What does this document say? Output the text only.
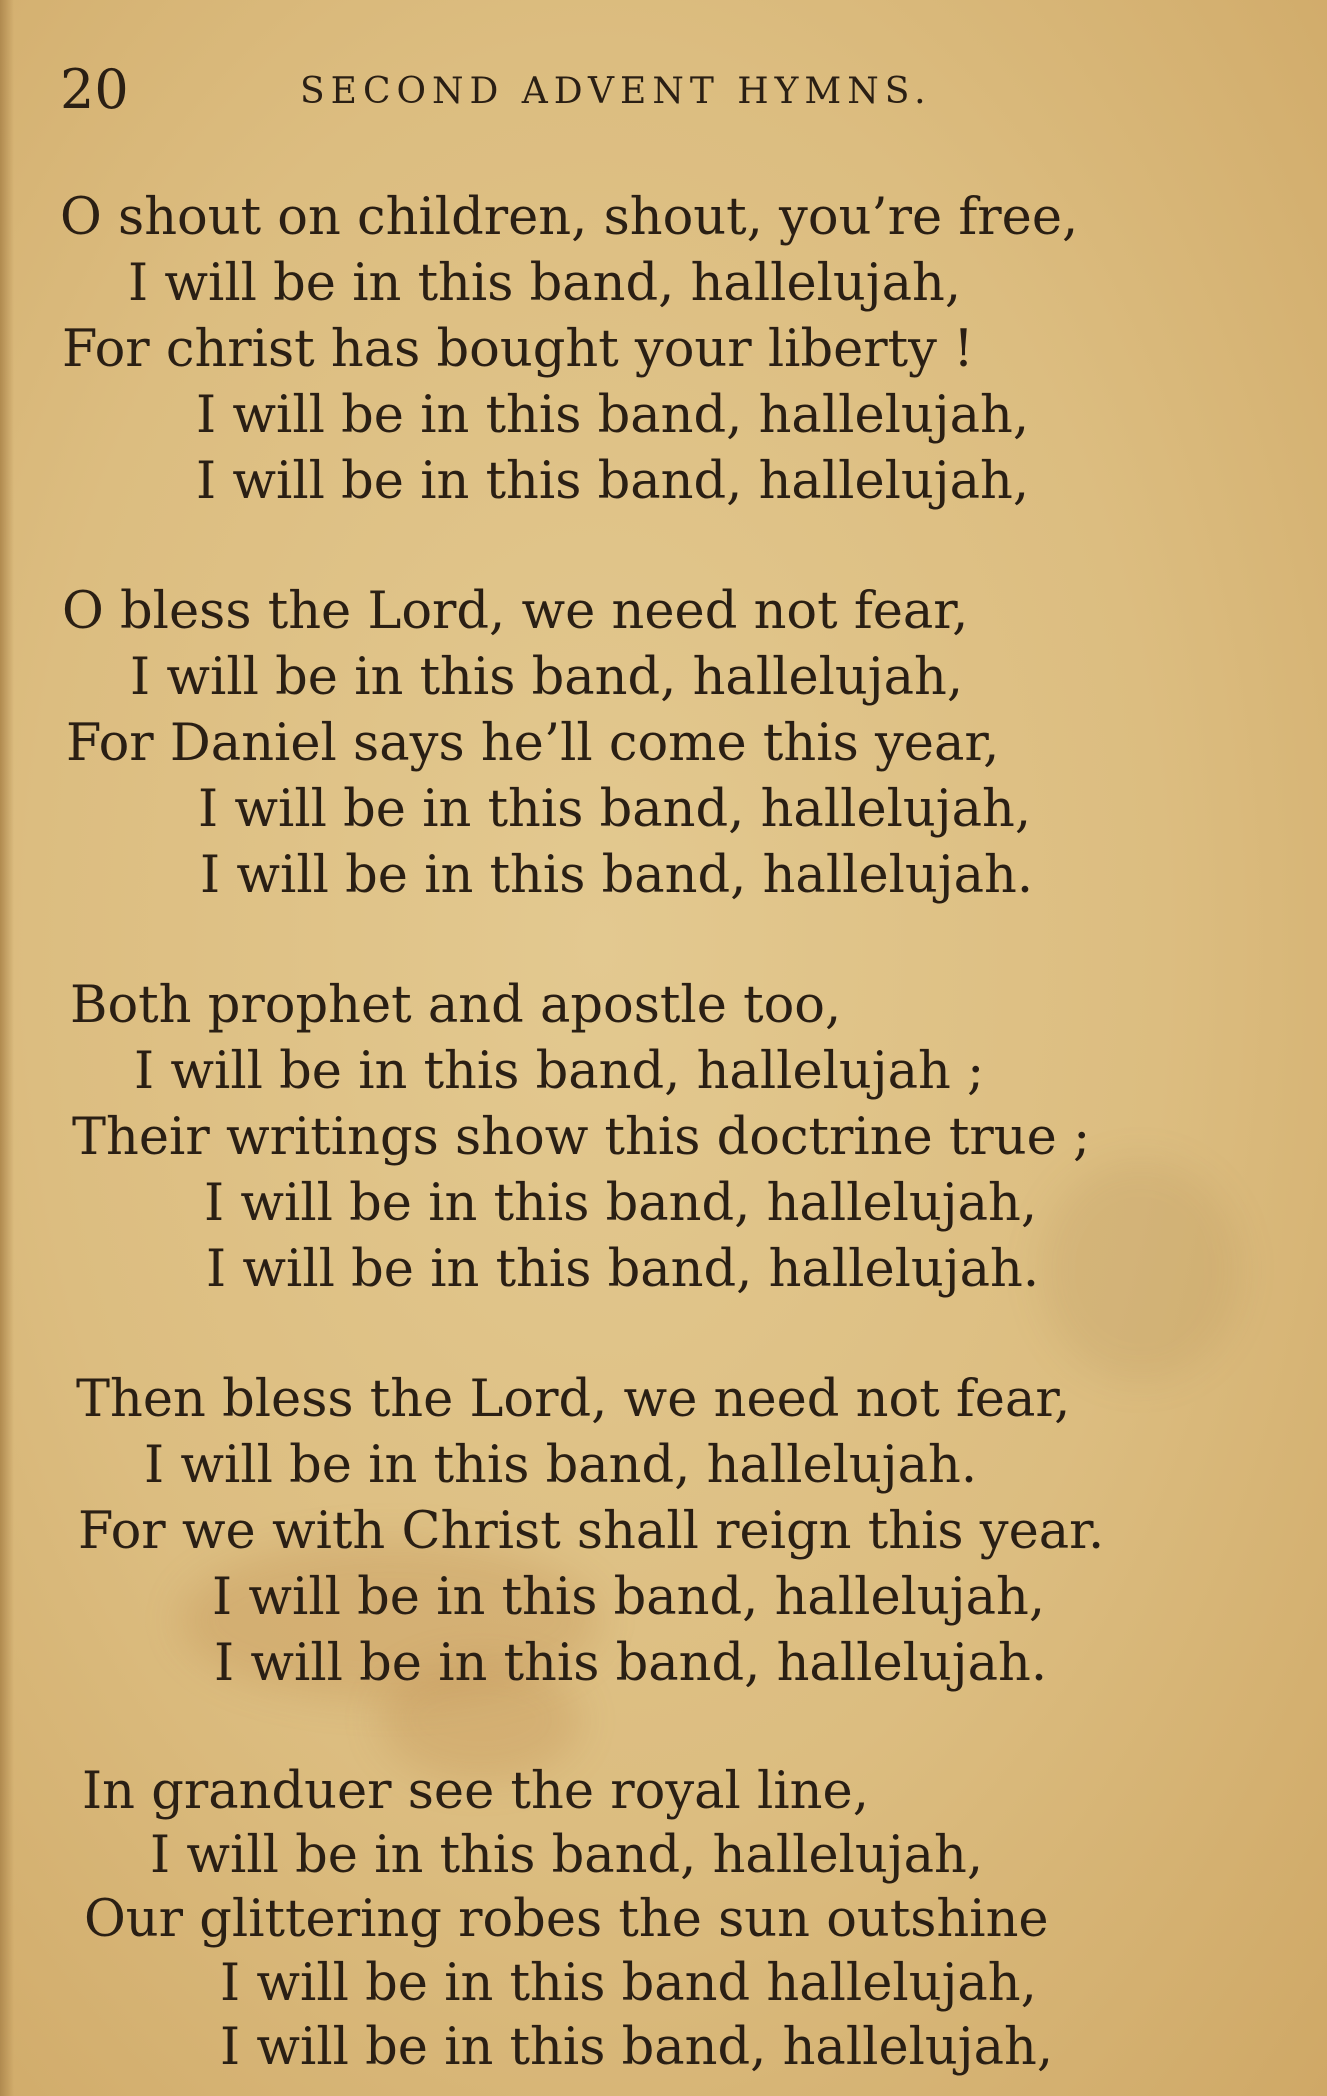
20	SECOND ADVENT HYMNS.
O shout on children, shout, you’re free,
I will be in this band, hallelujah,
For christ has bought your liberty !
I will be in this band, hallelujah,
I will be in this band, hallelujah,
O bless the Lord, we need not fear,
I will be in this band, hallelujah,
For Daniel says he’ll come this year,
I will be in this band, hallelujah,
I will be in this band, hallelujah.
Both prophet and apostle too,
I will be in this band, hallelujah ;
Their writings show this doctrine true ;
I will be in this band, hallelujah,
I will be in this band, hallelujah.
Then bless the Lord, we need not fear,
I will be in this band, hallelujah.
For we with Christ shall reign this year.
I will be in this band, hallelujah,
I will be in this band, hallelujah.
In granduer see the royal line,
I will be in this band, hallelujah,
Our glittering robes the sun outshine
I will be in this band hallelujah,
I will be in this band, hallelujah,
